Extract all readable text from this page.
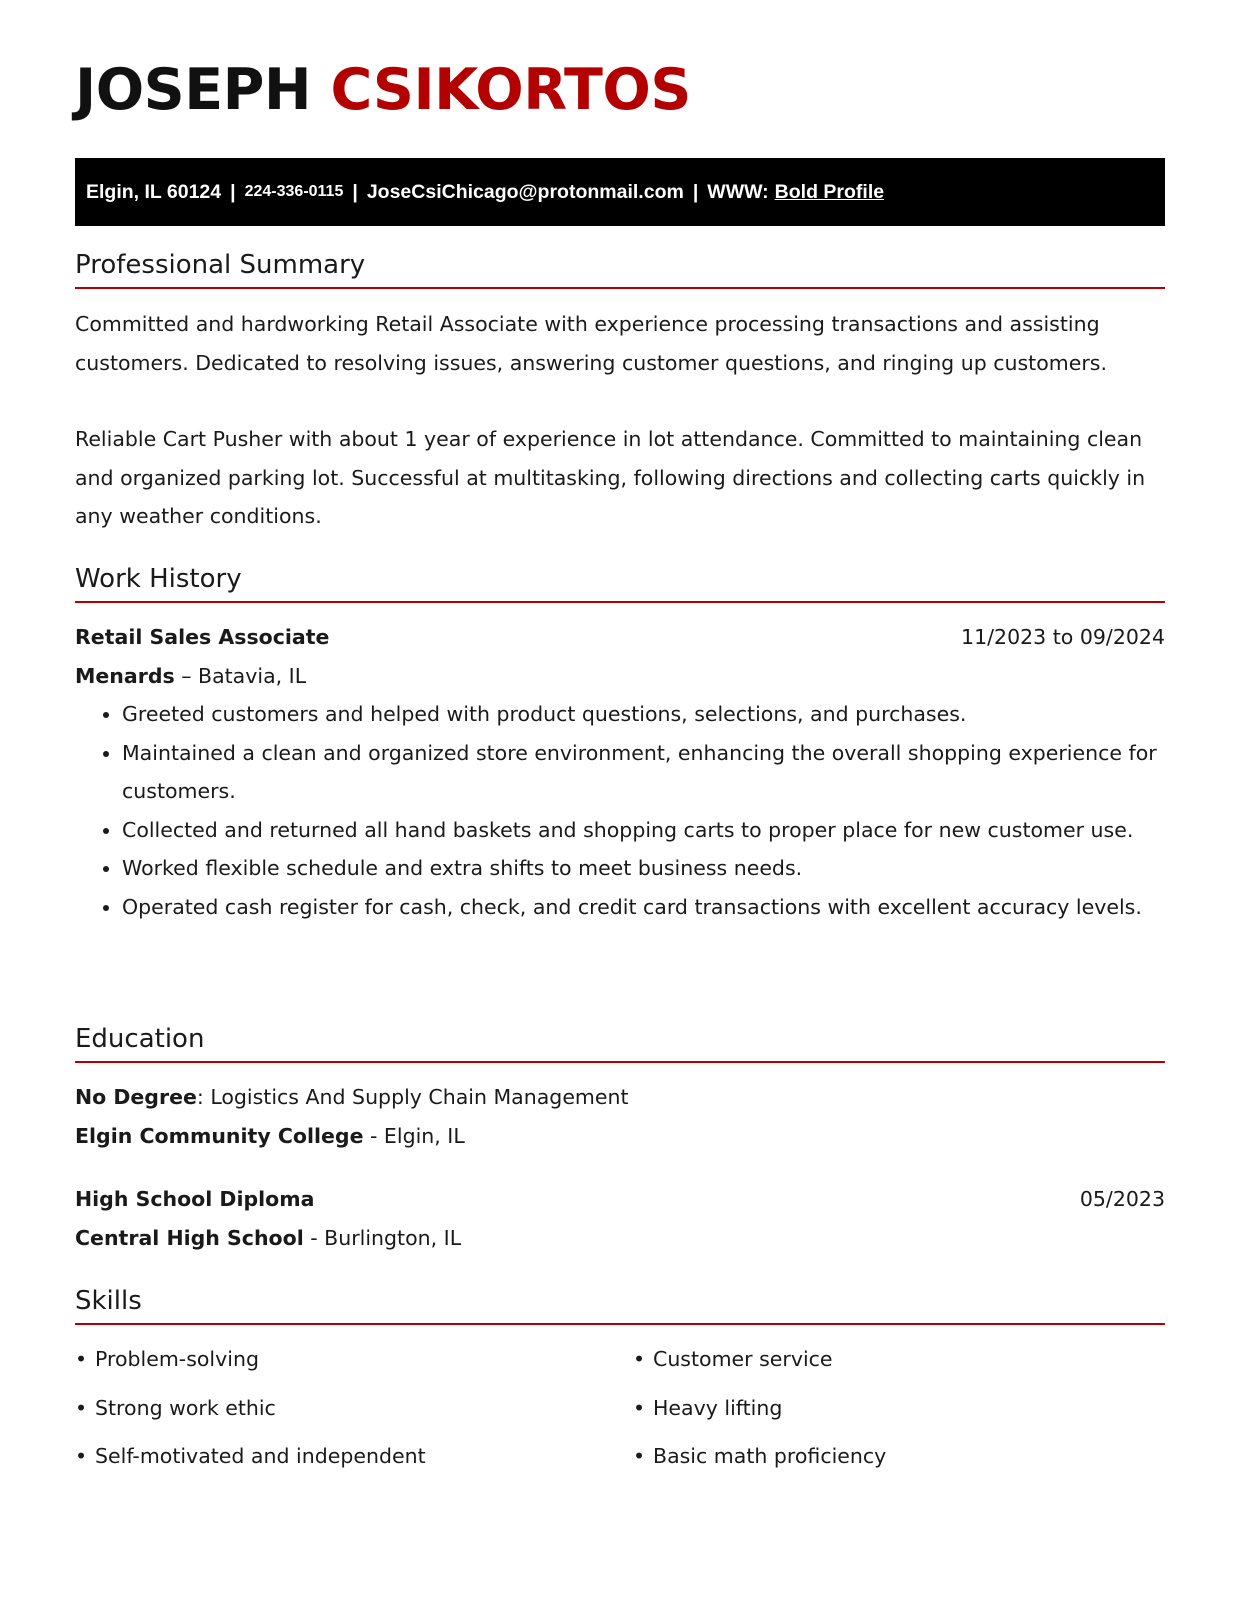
JOSEPH CSIKORTOS
Elgin, IL 60124 | 224-336-0115 | JoseCsiChicago@protonmail.com | WWW: Bold Profile
Professional Summary

Committed and hardworking Retail Associate with experience processing transactions and assisting customers. Dedicated to resolving issues, answering customer questions, and ringing up customers.

Reliable Cart Pusher with about 1 year of experience in lot attendance. Committed to maintaining clean and organized parking lot. Successful at multitasking, following directions and collecting carts quickly in any weather conditions.

Work History
Retail Sales Associate	11/2023 to 09/2024
Menards – Batavia, IL
• Greeted customers and helped with product questions, selections, and purchases.
• Maintained a clean and organized store environment, enhancing the overall shopping experience for customers.
• Collected and returned all hand baskets and shopping carts to proper place for new customer use.
• Worked flexible schedule and extra shifts to meet business needs.
• Operated cash register for cash, check, and credit card transactions with excellent accuracy levels.
Education
No Degree : Logistics And Supply Chain Management
Elgin Community College - Elgin, IL
High School Diploma	05/2023
Central High School - Burlington, IL
Skills
• Problem-solving	• Customer service
• Strong work ethic	• Heavy lifting
• Self-motivated and independent	• Basic math proficiency
